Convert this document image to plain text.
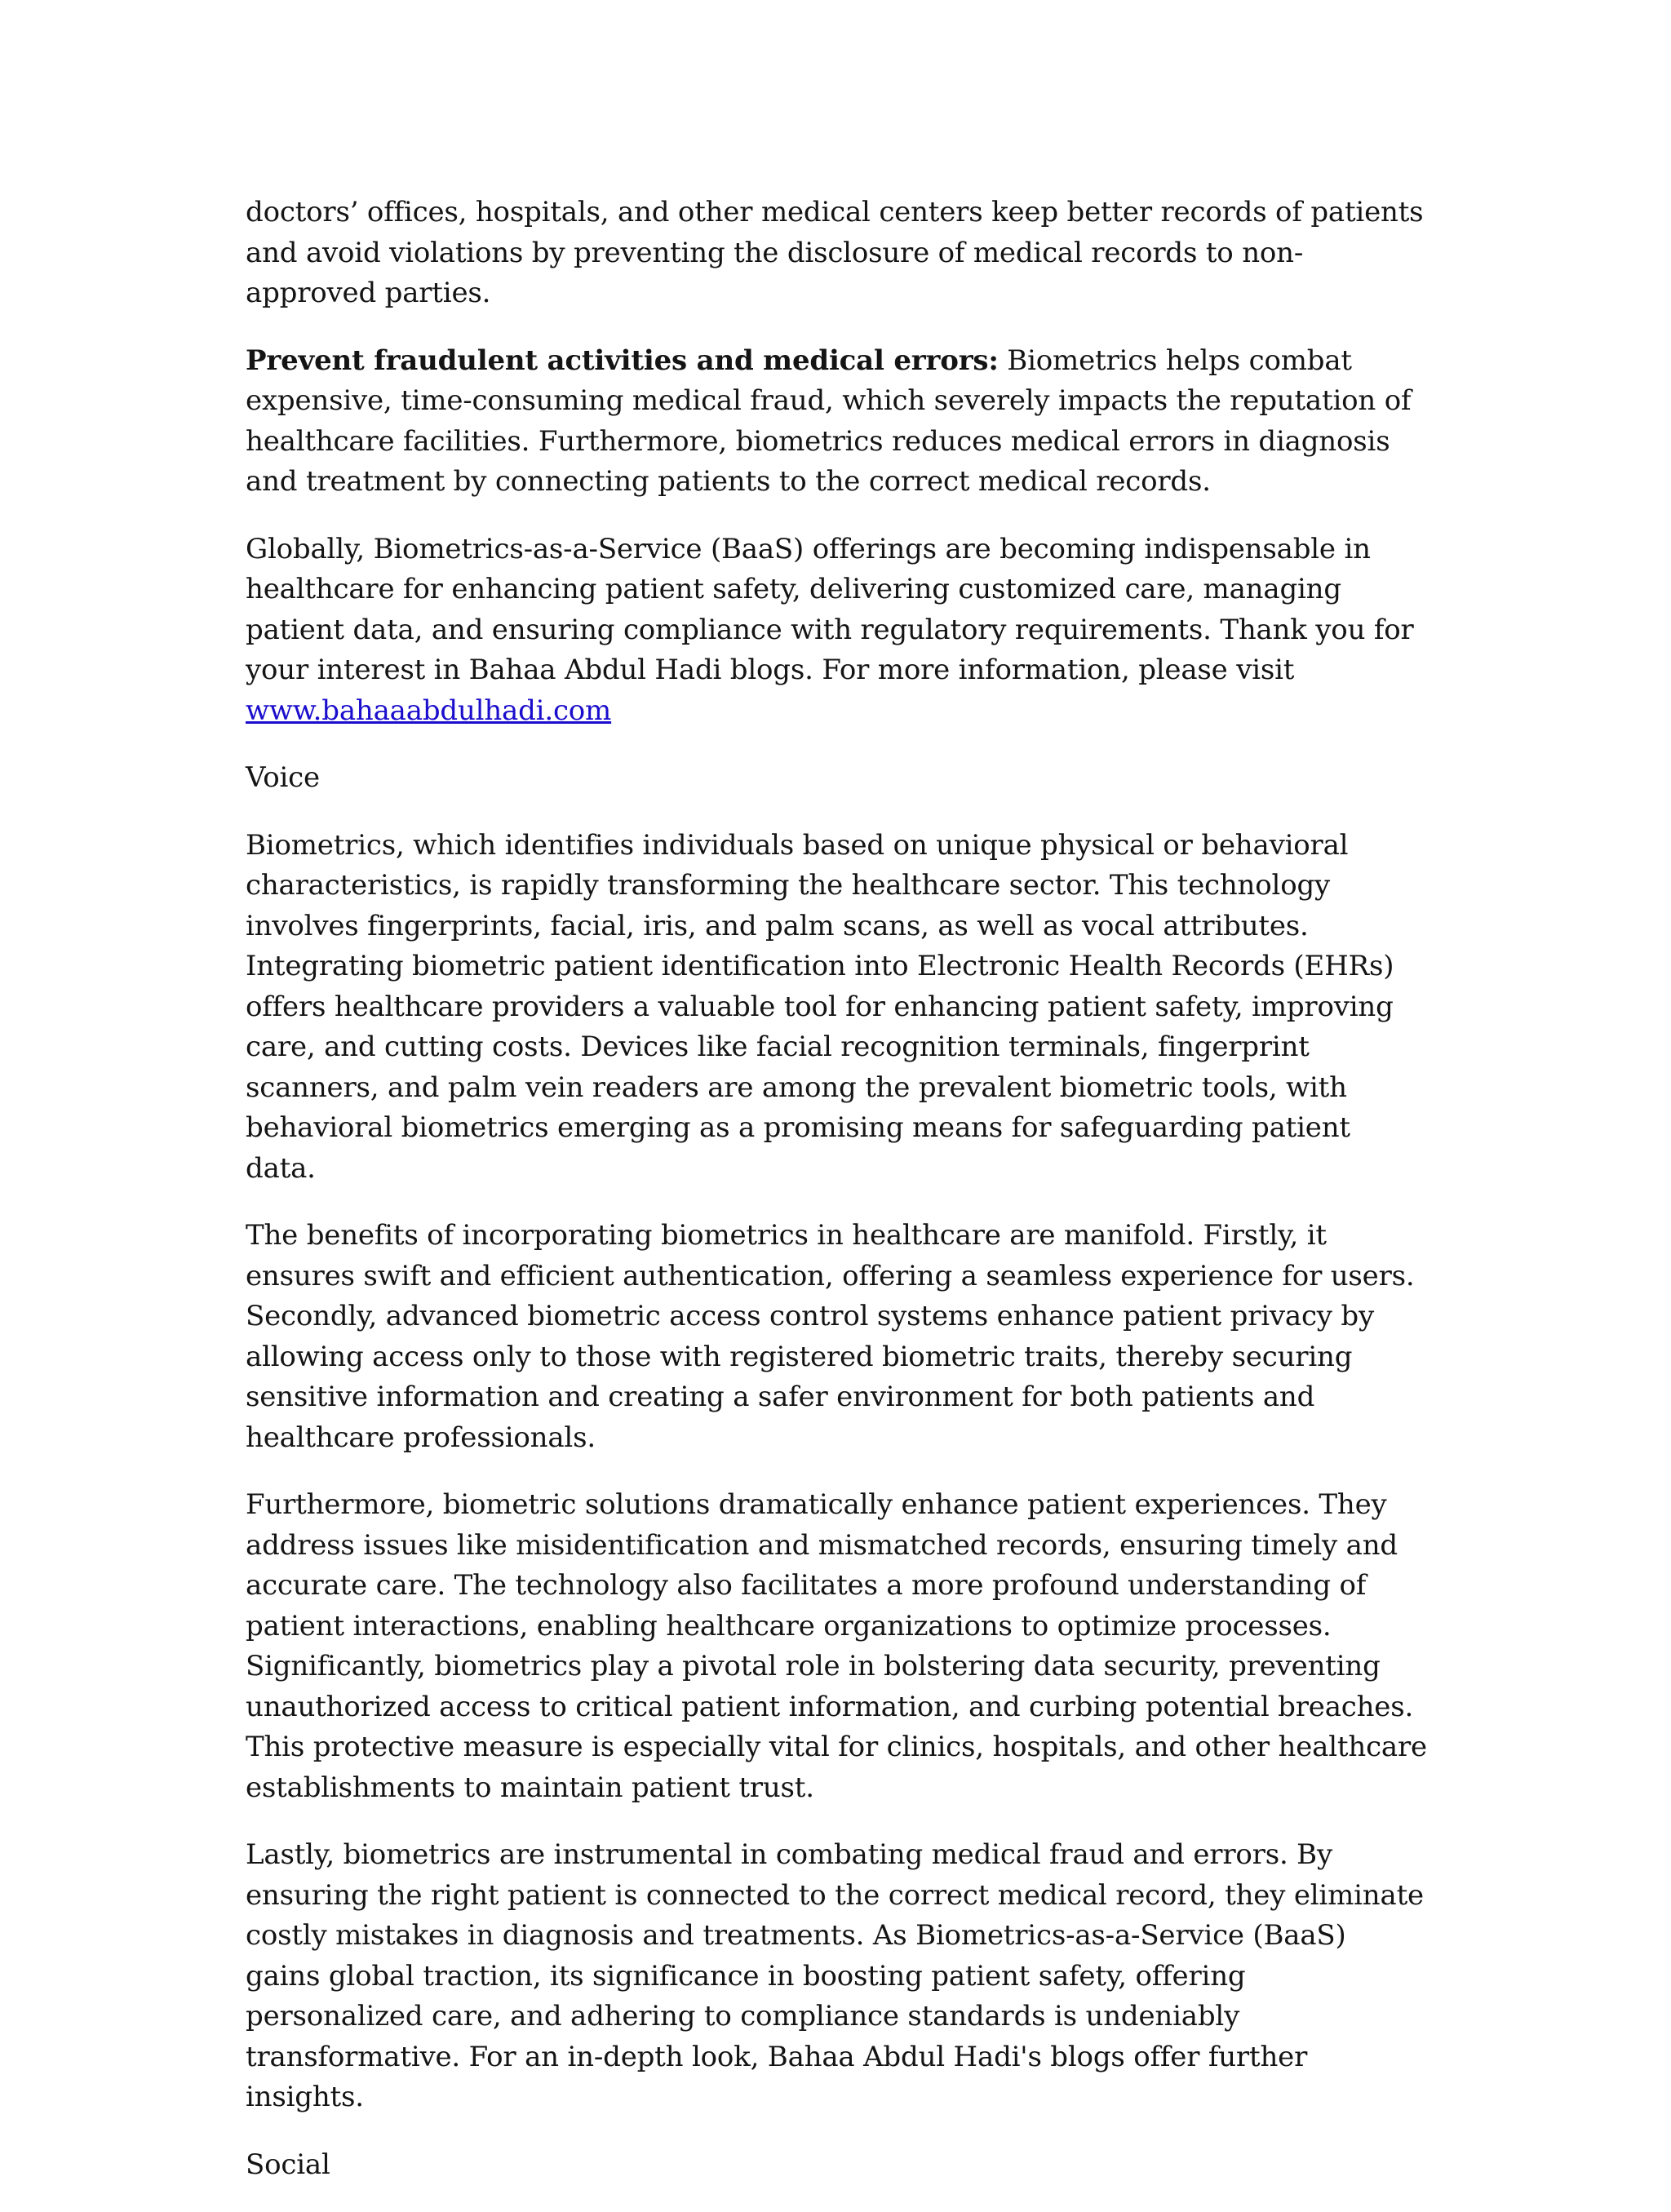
doctors’ offices, hospitals, and other medical centers keep better records of patients and avoid violations by preventing the disclosure of medical records to non-approved parties.

Prevent fraudulent activities and medical errors: Biometrics helps combat expensive, time-consuming medical fraud, which severely impacts the reputation of healthcare facilities. Furthermore, biometrics reduces medical errors in diagnosis and treatment by connecting patients to the correct medical records.

Globally, Biometrics-as-a-Service (BaaS) offerings are becoming indispensable in healthcare for enhancing patient safety, delivering customized care, managing patient data, and ensuring compliance with regulatory requirements. Thank you for your interest in Bahaa Abdul Hadi blogs. For more information, please visit www.bahaaabdulhadi.com

Voice

Biometrics, which identifies individuals based on unique physical or behavioral characteristics, is rapidly transforming the healthcare sector. This technology involves fingerprints, facial, iris, and palm scans, as well as vocal attributes. Integrating biometric patient identification into Electronic Health Records (EHRs) offers healthcare providers a valuable tool for enhancing patient safety, improving care, and cutting costs. Devices like facial recognition terminals, fingerprint scanners, and palm vein readers are among the prevalent biometric tools, with behavioral biometrics emerging as a promising means for safeguarding patient data.

The benefits of incorporating biometrics in healthcare are manifold. Firstly, it ensures swift and efficient authentication, offering a seamless experience for users. Secondly, advanced biometric access control systems enhance patient privacy by allowing access only to those with registered biometric traits, thereby securing sensitive information and creating a safer environment for both patients and healthcare professionals.

Furthermore, biometric solutions dramatically enhance patient experiences. They address issues like misidentification and mismatched records, ensuring timely and accurate care. The technology also facilitates a more profound understanding of patient interactions, enabling healthcare organizations to optimize processes. Significantly, biometrics play a pivotal role in bolstering data security, preventing unauthorized access to critical patient information, and curbing potential breaches. This protective measure is especially vital for clinics, hospitals, and other healthcare establishments to maintain patient trust.

Lastly, biometrics are instrumental in combating medical fraud and errors. By ensuring the right patient is connected to the correct medical record, they eliminate costly mistakes in diagnosis and treatments. As Biometrics-as-a-Service (BaaS) gains global traction, its significance in boosting patient safety, offering personalized care, and adhering to compliance standards is undeniably transformative. For an in-depth look, Bahaa Abdul Hadi's blogs offer further insights.

Social
